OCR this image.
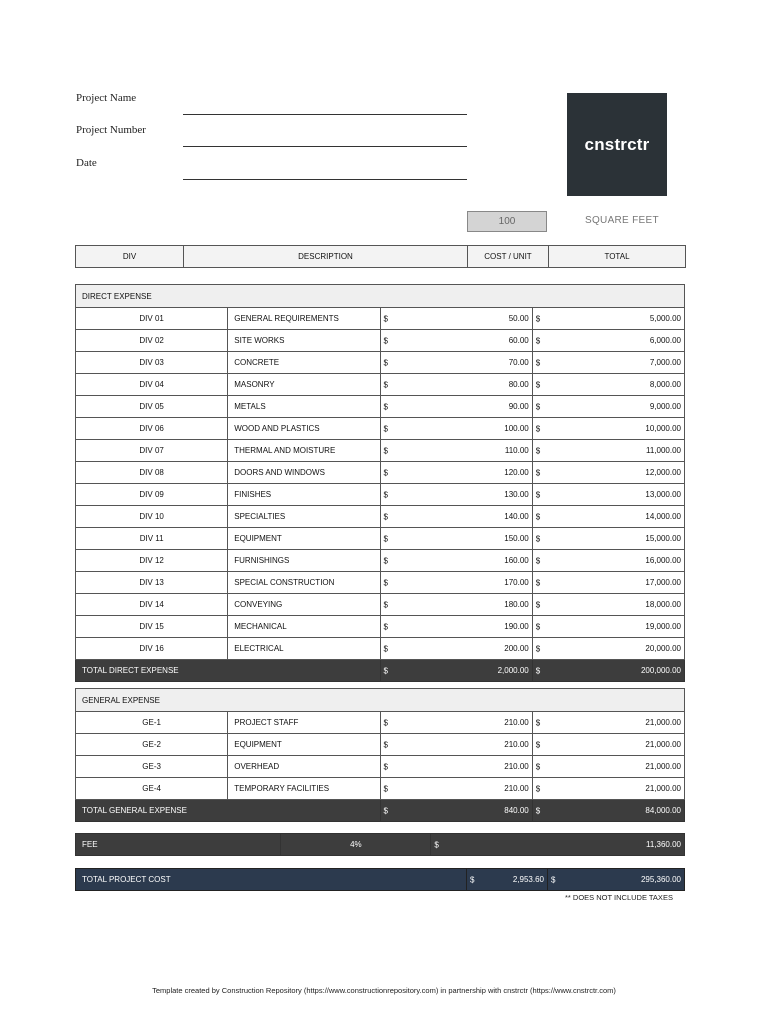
Project Name
Project Number
Date
cnstrctr
100	SQUARE FEET
DIV	DESCRIPTION	COST / UNIT	TOTAL
DIRECT EXPENSE			
DIV 01	GENERAL REQUIREMENTS	$ 50.00	$ 5,000.00

DIV 02	SITE WORKS	$ 60.00	$ 6,000.00

DIV 03	CONCRETE	$ 70.00	$ 7,000.00

DIV 04	MASONRY	$ 80.00	$ 8,000.00

DIV 05	METALS	$ 90.00	$ 9,000.00

DIV 06	WOOD AND PLASTICS	$ 100.00	$ 10,000.00

DIV 07	THERMAL AND MOISTURE	$ 110.00	$ 11,000.00

DIV 08	DOORS AND WINDOWS	$ 120.00	$ 12,000.00

DIV 09	FINISHES	$ 130.00	$ 13,000.00

DIV 10	SPECIALTIES	$ 140.00	$ 14,000.00

DIV 11	EQUIPMENT	$ 150.00	$ 15,000.00

DIV 12	FURNISHINGS	$ 160.00	$ 16,000.00

DIV 13	SPECIAL CONSTRUCTION	$ 170.00	$ 17,000.00

DIV 14	CONVEYING	$ 180.00	$ 18,000.00

DIV 15	MECHANICAL	$ 190.00	$ 19,000.00

DIV 16	ELECTRICAL	$ 200.00	$ 20,000.00

TOTAL DIRECT EXPENSE		$ 2,000.00	$ 200,000.00
GENERAL EXPENSE			
GE-1	PROJECT STAFF	$ 210.00	$ 21,000.00

GE-2	EQUIPMENT	$ 210.00	$ 21,000.00

GE-3	OVERHEAD	$ 210.00	$ 21,000.00

GE-4	TEMPORARY FACILITIES	$ 210.00	$ 21,000.00

TOTAL GENERAL EXPENSE		$ 840.00	$ 84,000.00
FEE	4%	$	11,360.00
TOTAL PROJECT COST	$	2,953.60	$	295,360.00
** DOES NOT INCLUDE TAXES
Template created by Construction Repository (https://www.constructionrepository.com) in partnership with cnstrctr (https://www.cnstrctr.com)
